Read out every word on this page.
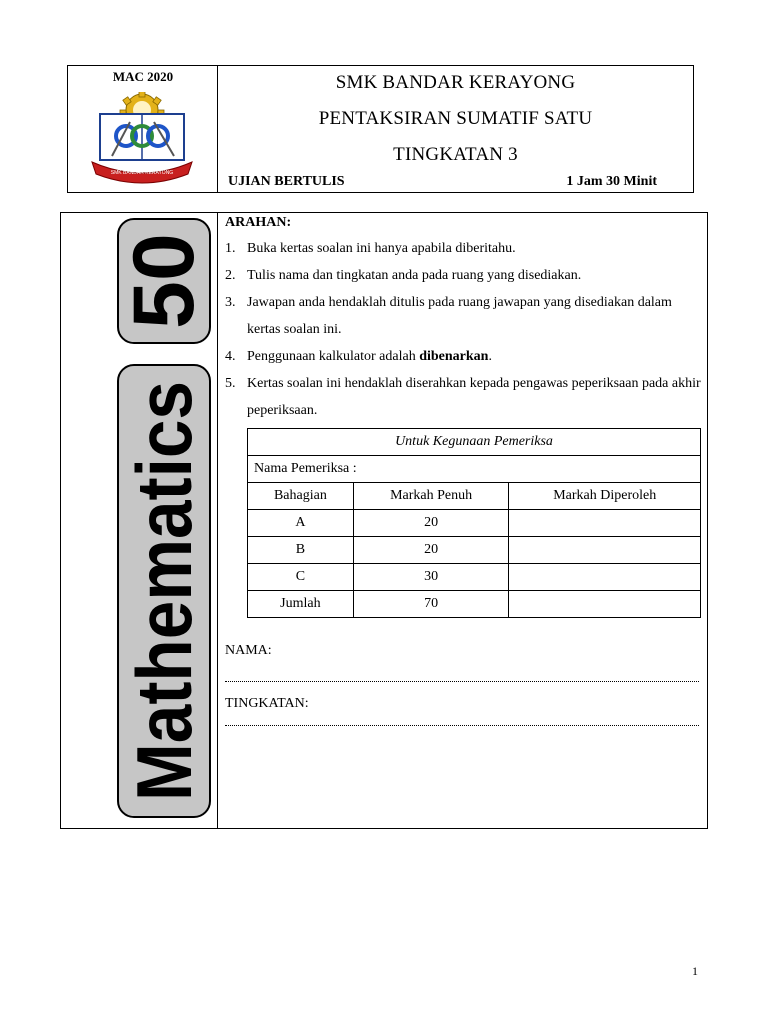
MAC 2020
SMK BANDAR KERAYONG
SMK BANDAR KERAYONG
PENTAKSIRAN SUMATIF SATU
TINGKATAN 3
UJIAN BERTULIS	1 Jam 30 Minit
50
Mathematics
ARAHAN:
1. Buka kertas soalan ini hanya apabila diberitahu.
2. Tulis nama dan tingkatan anda pada ruang yang disediakan.
3. Jawapan anda hendaklah ditulis pada ruang jawapan yang disediakan dalam kertas soalan ini.
4. Penggunaan kalkulator adalah dibenarkan.
5. Kertas soalan ini hendaklah diserahkan kepada pengawas peperiksaan pada akhir peperiksaan.
Untuk Kegunaan Pemeriksa		
Nama Pemeriksa :		
Bahagian	Markah Penuh	Markah Diperoleh
A	20	
B	20	
C	30	
Jumlah	70	
NAMA:
TINGKATAN:
1
